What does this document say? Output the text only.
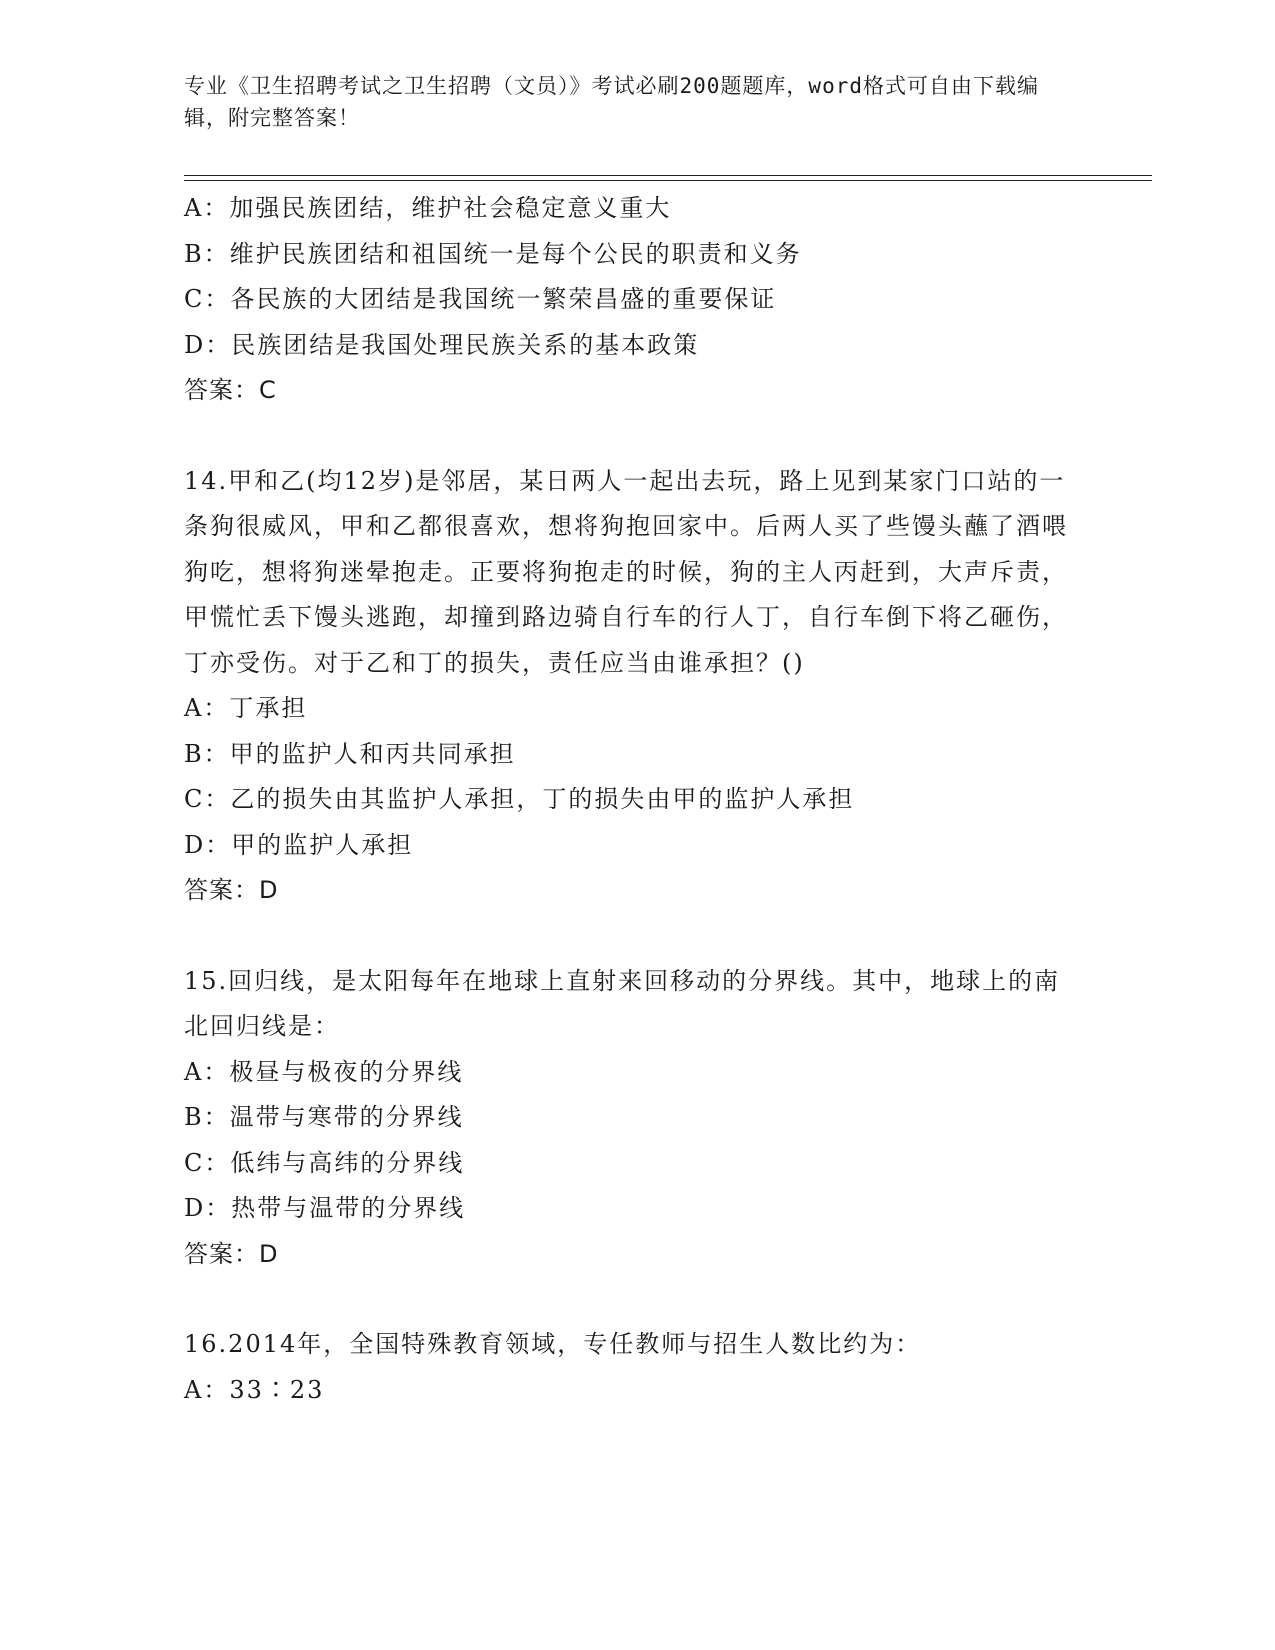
专业《卫生招聘考试之卫生招聘（文员）》考试必刷200题题库，word格式可自由下载编辑，附完整答案！
A：加强民族团结，维护社会稳定意义重大
B：维护民族团结和祖国统一是每个公民的职责和义务
C：各民族的大团结是我国统一繁荣昌盛的重要保证
D：民族团结是我国处理民族关系的基本政策
答案：C
14.甲和乙(均12岁)是邻居，某日两人一起出去玩，路上见到某家门口站的一条狗很威风，甲和乙都很喜欢，想将狗抱回家中。后两人买了些馒头蘸了酒喂狗吃，想将狗迷晕抱走。正要将狗抱走的时候，狗的主人丙赶到，大声斥责，甲慌忙丢下馒头逃跑，却撞到路边骑自行车的行人丁，自行车倒下将乙砸伤，丁亦受伤。对于乙和丁的损失，责任应当由谁承担？()
A：丁承担
B：甲的监护人和丙共同承担
C：乙的损失由其监护人承担，丁的损失由甲的监护人承担
D：甲的监护人承担
答案：D
15.回归线，是太阳每年在地球上直射来回移动的分界线。其中，地球上的南北回归线是：
A：极昼与极夜的分界线
B：温带与寒带的分界线
C：低纬与高纬的分界线
D：热带与温带的分界线
答案：D
16.2014年，全国特殊教育领域，专任教师与招生人数比约为：
A：33∶23
